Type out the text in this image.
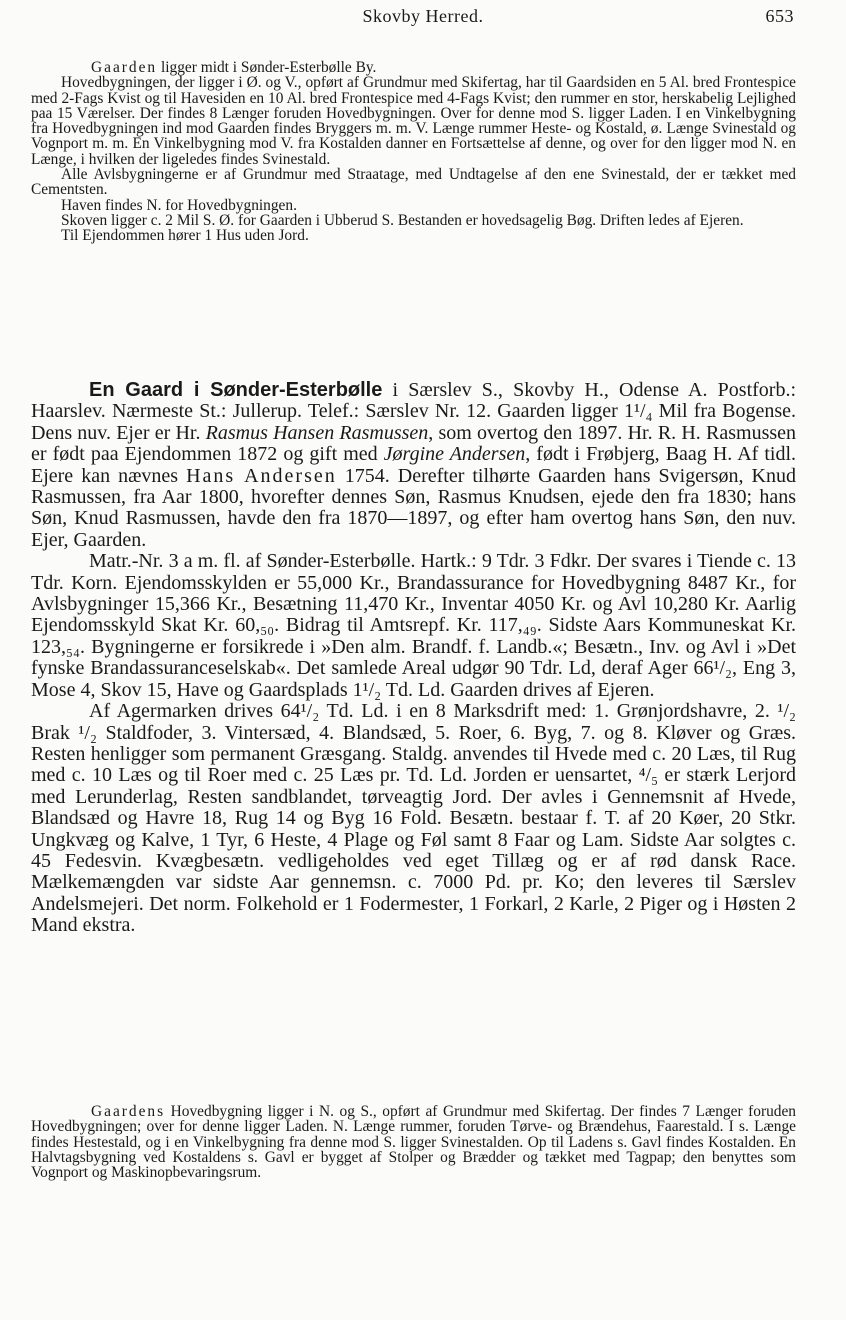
Skovby Herred.	653

Gaarden ligger midt i Sønder-Esterbølle By.

Hovedbygningen, der ligger i Ø. og V., opført af Grundmur med Skifertag, har til Gaardsiden en 5 Al. bred Frontespice med 2-Fags Kvist og til Havesiden en 10 Al. bred Frontespice med 4-Fags Kvist; den rummer en stor, herskabelig Lejlighed paa 15 Værelser. Der findes 8 Længer foruden Hovedbygningen. Over for denne mod S. ligger Laden. I en Vinkelbygning fra Hovedbygningen ind mod Gaarden findes Bryggers m. m. V. Længe rummer Heste- og Kostald, ø. Længe Svinestald og Vognport m. m. En Vinkelbygning mod V. fra Kostalden danner en Fortsættelse af denne, og over for den ligger mod N. en Længe, i hvilken der ligeledes findes Svinestald.

Alle Avlsbygningerne er af Grundmur med Straatage, med Undtagelse af den ene Svinestald, der er tækket med Cementsten.

Haven findes N. for Hovedbygningen.

Skoven ligger c. 2 Mil S. Ø. for Gaarden i Ubberud S. Bestanden er hovedsagelig Bøg. Driften ledes af Ejeren.

Til Ejendommen hører 1 Hus uden Jord.

En Gaard i Sønder-Esterbølle i Særslev S., Skovby H., Odense A. Postforb.: Haarslev. Nærmeste St.: Jullerup. Telef.: Særslev Nr. 12. Gaarden ligger 1¹/₄ Mil fra Bogense. Dens nuv. Ejer er Hr. Rasmus Hansen Rasmussen, som overtog den 1897. Hr. R. H. Rasmussen er født paa Ejendommen 1872 og gift med Jørgine Andersen, født i Frøbjerg, Baag H. Af tidl. Ejere kan nævnes Hans Andersen 1754. Derefter tilhørte Gaarden hans Svigersøn, Knud Rasmussen, fra Aar 1800, hvorefter dennes Søn, Rasmus Knudsen, ejede den fra 1830; hans Søn, Knud Rasmussen, havde den fra 1870—1897, og efter ham overtog hans Søn, den nuv. Ejer, Gaarden.

Matr.-Nr. 3 a m. fl. af Sønder-Esterbølle. Hartk.: 9 Tdr. 3 Fdkr. Der svares i Tiende c. 13 Tdr. Korn. Ejendomsskylden er 55,000 Kr., Brandassurance for Hovedbygning 8487 Kr., for Avlsbygninger 15,366 Kr., Besætning 11,470 Kr., Inventar 4050 Kr. og Avl 10,280 Kr. Aarlig Ejendomsskyld Skat Kr. 60,₅₀. Bidrag til Amtsrepf. Kr. 117,₄₉. Sidste Aars Kommuneskat Kr. 123,₅₄. Bygningerne er forsikrede i »Den alm. Brandf. f. Landb.«; Besætn., Inv. og Avl i »Det fynske Brandassuranceselskab«. Det samlede Areal udgør 90 Tdr. Ld, deraf Ager 66¹/₂, Eng 3, Mose 4, Skov 15, Have og Gaardsplads 1¹/₂ Td. Ld. Gaarden drives af Ejeren.

Af Agermarken drives 64¹/₂ Td. Ld. i en 8 Marksdrift med: 1. Grønjordshavre, 2. ¹/₂ Brak ¹/₂ Staldfoder, 3. Vintersæd, 4. Blandsæd, 5. Roer, 6. Byg, 7. og 8. Kløver og Græs. Resten henligger som permanent Græsgang. Staldg. anvendes til Hvede med c. 20 Læs, til Rug med c. 10 Læs og til Roer med c. 25 Læs pr. Td. Ld. Jorden er uensartet, ⁴/₅ er stærk Lerjord med Lerunderlag, Resten sandblandet, tørveagtig Jord. Der avles i Gennemsnit af Hvede, Blandsæd og Havre 18, Rug 14 og Byg 16 Fold. Besætn. bestaar f. T. af 20 Køer, 20 Stkr. Ungkvæg og Kalve, 1 Tyr, 6 Heste, 4 Plage og Føl samt 8 Faar og Lam. Sidste Aar solgtes c. 45 Fedesvin. Kvægbesætn. vedligeholdes ved eget Tillæg og er af rød dansk Race. Mælkemængden var sidste Aar gennemsn. c. 7000 Pd. pr. Ko; den leveres til Særslev Andelsmejeri. Det norm. Folkehold er 1 Fodermester, 1 Forkarl, 2 Karle, 2 Piger og i Høsten 2 Mand ekstra.

Gaardens Hovedbygning ligger i N. og S., opført af Grundmur med Skifertag. Der findes 7 Længer foruden Hovedbygningen; over for denne ligger Laden. N. Længe rummer, foruden Tørve- og Brændehus, Faarestald. I s. Længe findes Hestestald, og i en Vinkelbygning fra denne mod S. ligger Svinestalden. Op til Ladens s. Gavl findes Kostalden. En Halvtagsbygning ved Kostaldens s. Gavl er bygget af Stolper og Brædder og tækket med Tagpap; den benyttes som Vognport og Maskinopbevaringsrum.
